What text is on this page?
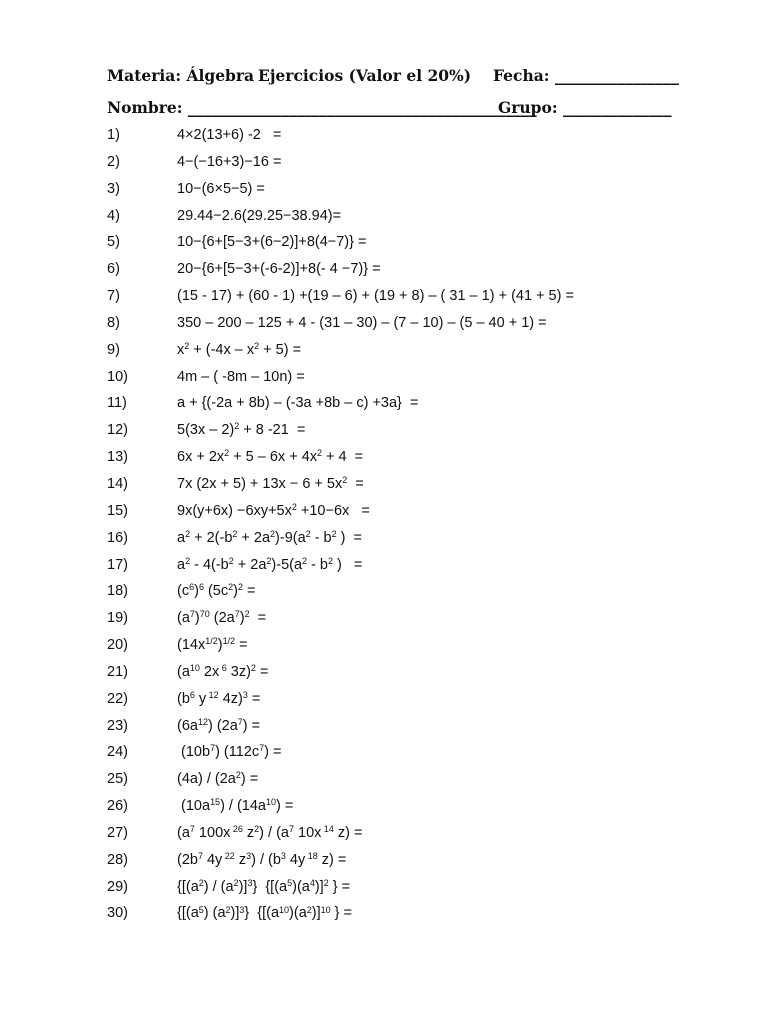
Materia: Álgebra Ejercicios (Valor el 20%) Fecha: ________________
Nombre: _____________________________________________
Grupo: ______________
1)	4×2(13+6) -2   =
2)	4−(−16+3)−16 =
3)	10−(6×5−5) =
4)	29.44−2.6(29.25−38.94)=
5)	10−{6+[5−3+(6−2)]+8(4−7)} =
6)	20−{6+[5−3+(-6-2)]+8(- 4 −7)} =
7)	(15 - 17) + (60 - 1) +(19 – 6) + (19 + 8) – ( 31 – 1) + (41 + 5) =
8)	350 – 200 – 125 + 4 - (31 – 30) – (7 – 10) – (5 – 40 + 1) =
9)	$x^2 + (-4x - x^2 + 5)$ =
10)	4m – ( -8m – 10n) =
11)	a + {(-2a + 8b) – (-3a +8b – c) +3a}  =
12)	5(3x – 2)$^2$ + 8 -21  =
13)	$6x + 2x^2 + 5 - 6x + 4x^2 + 4$  =
14)	7x $(2x + 5) + 13x - 6 + 5x^2$  =
15)	$9x(y+6x) -6xy+5x^2 +10-6x$   =
16)	$a^2 + 2(-b^2 + 2a^2)-9(a^2 - b^2$ )  =
17)	$a^2 - 4(-b^2 + 2a^2)-5(a^2 - b^2$ )   =
18)	$(c^6)^6$ $(5c^2)^2$ =
19)	$(a^7)^{70}$ $(2a^7)^2$  =
20)	$(14x^{1/2})^{1/2}$ =
21)	($a^{10}$ 2x $^6$ 3z)$^2$ =
22)	($b^6$ y $^{12}$ 4z)$^3$ =
23)	$(6a^{12}) (2a^7)$ =
24)	$(10b^7) (112c^7)$ =
25)	$(4a) / (2a^2)$ =
26)	$(10a^{15}) / (14a^{10})$ =
27)	($a^7$ 100x $^{26}$ $z^2) / (a^7$ 10x $^{14}$ z) =
28)	($2b^7$ 4y $^{22}$ $z^3) / (b^3$ 4y $^{18}$ z) =
29)	$\{[(a^2) / (a^2)]^3\}$  {$[(a^5)(a^4)]^2$ } =
30)	{[$(a^5)$ $(a^2)]^3$}  {$[(a^{10})(a^2)]^{10}$ } =
